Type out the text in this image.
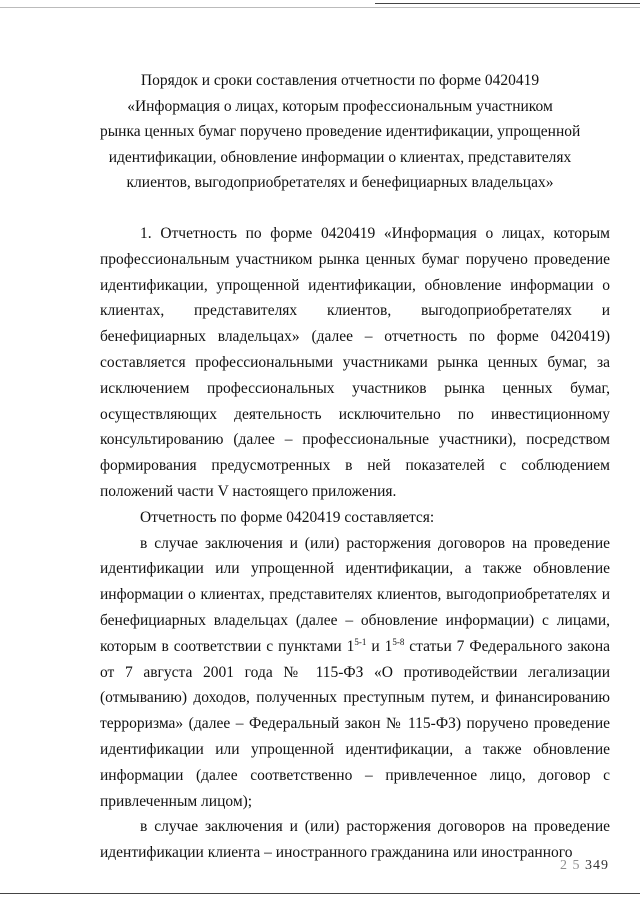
Порядок и сроки составления отчетности по форме 0420419
«Информация о лицах, которым профессиональным участником
рынка ценных бумаг поручено проведение идентификации, упрощенной
идентификации, обновление информации о клиентах, представителях
клиентов, выгодоприобретателях и бенефициарных владельцах»
1. Отчетность по форме 0420419 «Информация о лицах, которым профессиональным участником рынка ценных бумаг поручено проведение идентификации, упрощенной идентификации, обновление информации о клиентах, представителях клиентов, выгодоприобретателях и бенефициарных владельцах» (далее – отчетность по форме 0420419) составляется профессиональными участниками рынка ценных бумаг, за исключением профессиональных участников рынка ценных бумаг, осуществляющих деятельность исключительно по инвестиционному консультированию (далее – профессиональные участники), посредством формирования предусмотренных в ней показателей с соблюдением положений части V настоящего приложения.
Отчетность по форме 0420419 составляется:
в случае заключения и (или) расторжения договоров на проведение идентификации или упрощенной идентификации, а также обновление информации о клиентах, представителях клиентов, выгодоприобретателях и бенефициарных владельцах (далее – обновление информации) с лицами, которым в соответствии с пунктами 1$^{5-1}$ и 1$^{5-8}$ статьи 7 Федерального закона от 7 августа 2001 года № 115-ФЗ «О противодействии легализации (отмыванию) доходов, полученных преступным путем, и финансированию терроризма» (далее – Федеральный закон № 115-ФЗ) поручено проведение идентификации или упрощенной идентификации, а также обновление информации (далее соответственно – привлеченное лицо, договор с привлеченным лицом);
в случае заключения и (или) расторжения договоров на проведение идентификации клиента – иностранного гражданина или иностранного
2 5 349
